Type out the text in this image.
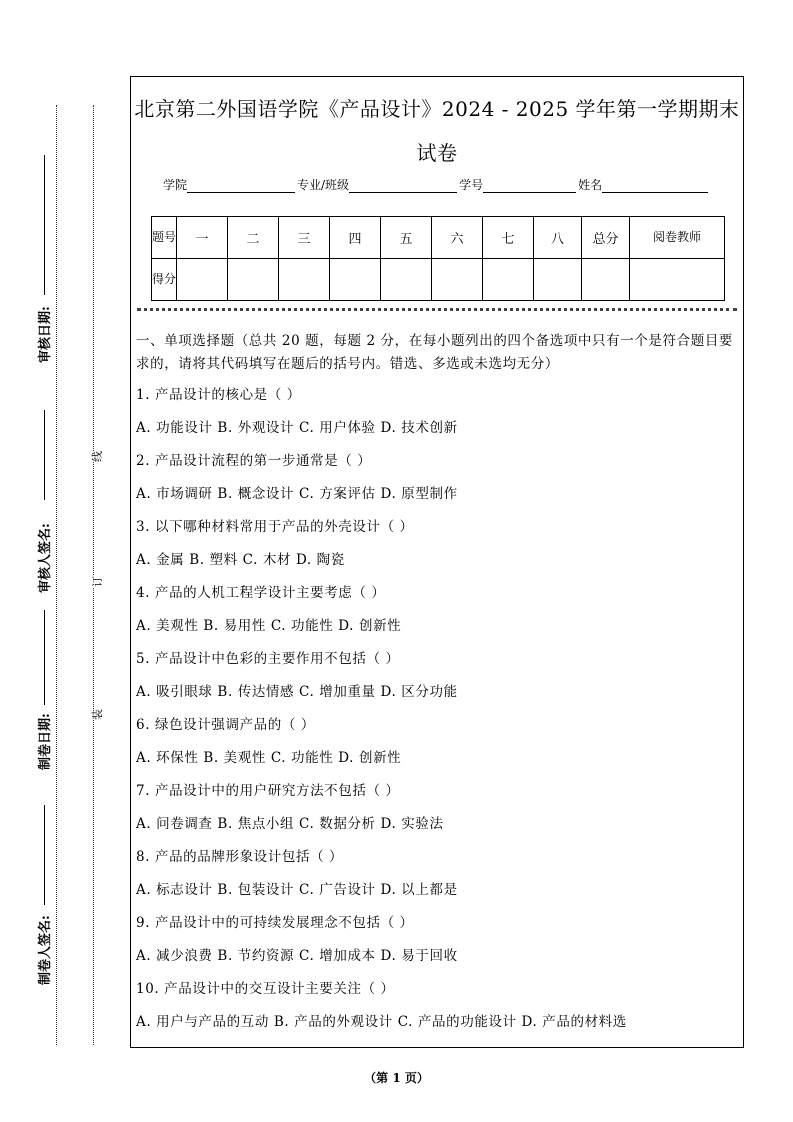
审核日期:
审核人签名:
制卷日期:
制卷人签名:
线
订
装
北京第二外国语学院《产品设计》2024 - 2025 学年第一学期期末
试卷
学院	专业/班级	学号	姓名
题号	一	二	三	四	五	六	七	八	总分	阅卷教师
得分										
一、单项选择题（总共 20 题，每题 2 分，在每小题列出的四个备选项中只有一个是符合题目要求的，请将其代码填写在题后的括号内。错选、多选或未选均无分）
1. 产品设计的核心是（ ）
A. 功能设计 B. 外观设计 C. 用户体验 D. 技术创新
2. 产品设计流程的第一步通常是（ ）
A. 市场调研 B. 概念设计 C. 方案评估 D. 原型制作
3. 以下哪种材料常用于产品的外壳设计（ ）
A. 金属 B. 塑料 C. 木材 D. 陶瓷
4. 产品的人机工程学设计主要考虑（ ）
A. 美观性 B. 易用性 C. 功能性 D. 创新性
5. 产品设计中色彩的主要作用不包括（ ）
A. 吸引眼球 B. 传达情感 C. 增加重量 D. 区分功能
6. 绿色设计强调产品的（ ）
A. 环保性 B. 美观性 C. 功能性 D. 创新性
7. 产品设计中的用户研究方法不包括（ ）
A. 问卷调查 B. 焦点小组 C. 数据分析 D. 实验法
8. 产品的品牌形象设计包括（ ）
A. 标志设计 B. 包装设计 C. 广告设计 D. 以上都是
9. 产品设计中的可持续发展理念不包括（ ）
A. 减少浪费 B. 节约资源 C. 增加成本 D. 易于回收
10. 产品设计中的交互设计主要关注（ ）
A. 用户与产品的互动 B. 产品的外观设计 C. 产品的功能设计 D. 产品的材料选
（第 1 页）
